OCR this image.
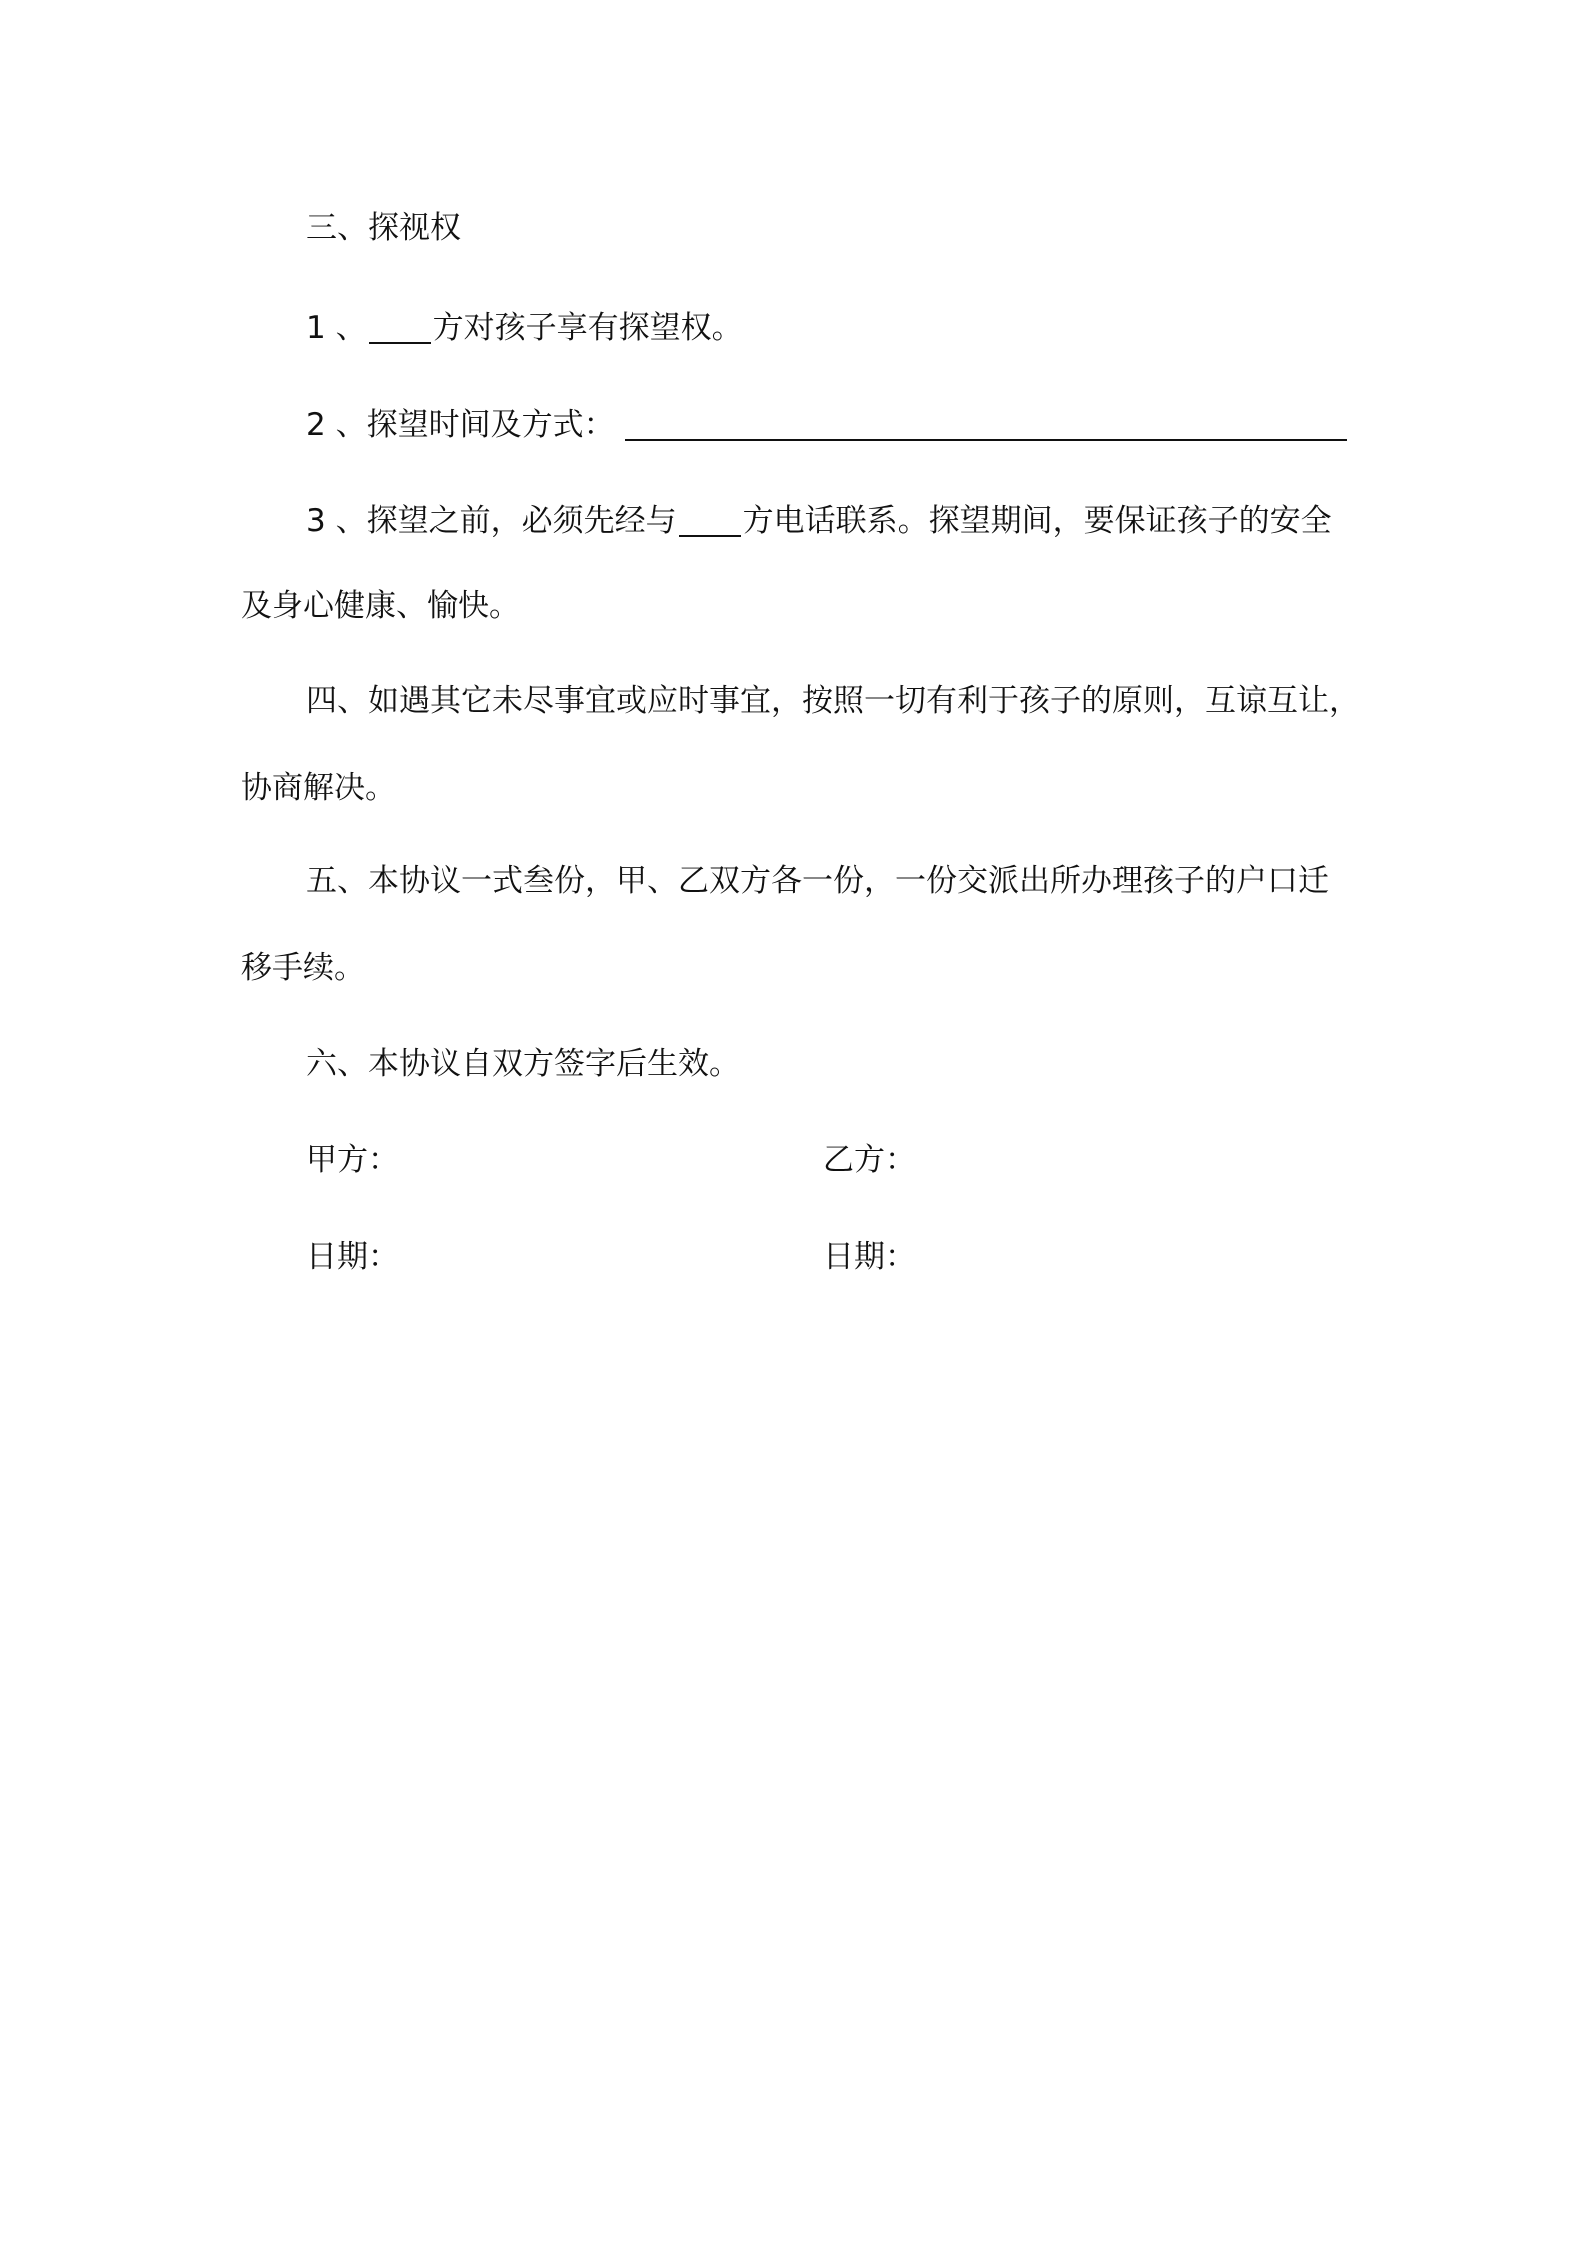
三、探视权
1 、 方对孩子享有探望权。
2 、探望时间及方式：
3 、探望之前，必须先经与 方电话联系。探望期间，要保证孩子的安全
及身心健康、愉快。
四、如遇其它未尽事宜或应时事宜，按照一切有利于孩子的原则，互谅互让，
协商解决。
五、本协议一式叁份，甲、乙双方各一份，一份交派出所办理孩子的户口迁
移手续。
六、本协议自双方签字后生效。
甲方：	乙方：
日期：	日期：
